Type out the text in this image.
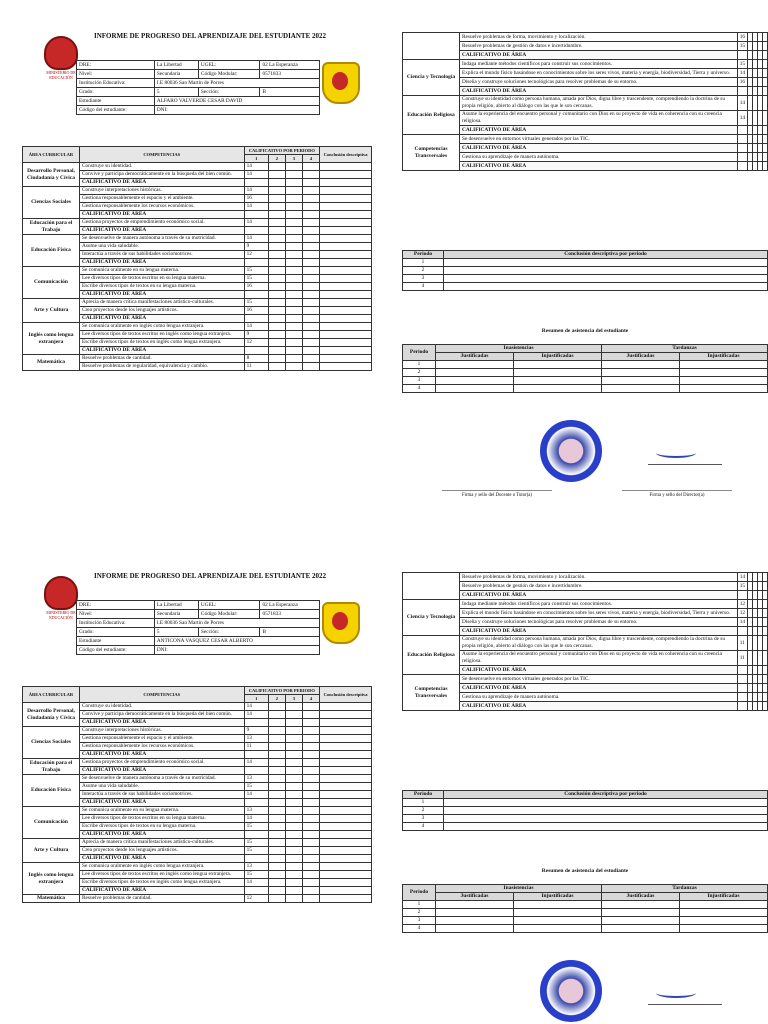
MINISTERIO DE EDUCACIÓN
INFORME DE PROGRESO DEL APRENDIZAJE DEL ESTUDIANTE 2022
DRE:	La Libertad	UGEL:	02 La Esperanza
Nivel:	Secundaria	Código Modular:	0571833
Institución Educativa:	I.E 80036 San Martin de Porres		
Grado:	5	Sección:	B
Estudiante	ALFARO VALVERDE CESAR DAVID		
Código del estudiante:	DNI:		
ÁREA CURRICULAR	COMPETENCIAS	CALIFICATIVO POR PERIODO				Conclusión descriptiva
		1	2	3	4	
Desarrollo Personal, Ciudadanía y Cívica	Construye su identidad.	14				
	Convive y participa democráticamente en la búsqueda del bien común.	14				
	CALIFICATIVO DE ÁREA					
Ciencias Sociales	Construye interpretaciones históricas.	14				
	Gestiona responsablemente el espacio y el ambiente.	16				
	Gestiona responsablemente los recursos económicos.	14				
	CALIFICATIVO DE ÁREA					
Educación para el Trabajo	Gestiona proyectos de emprendimiento económico social.	14				
	CALIFICATIVO DE ÁREA					
Educación Física	Se desenvuelve de manera autónoma a través de su motricidad.	14				
	Asume una vida saludable.	9				
	Interactúa a través de sus habilidades sociomotrices.	12				
	CALIFICATIVO DE ÁREA					
Comunicación	Se comunica oralmente en su lengua materna.	15				
	Lee diversos tipos de textos escritos en su lengua materna.	15				
	Escribe diversos tipos de textos en su lengua materna.	16				
	CALIFICATIVO DE ÁREA					
Arte y Cultura	Aprecia de manera crítica manifestaciones artístico-culturales.	15				
	Crea proyectos desde los lenguajes artísticos.	16				
	CALIFICATIVO DE ÁREA					
Inglés como lengua extranjera	Se comunica oralmente en inglés como lengua extranjera.	14				
	Lee diversos tipos de textos escritos en inglés como lengua extranjera.	9				
	Escribe diversos tipos de textos en inglés como lengua extranjera.	12				
	CALIFICATIVO DE ÁREA					
Matemática	Resuelve problemas de cantidad.	8				
	Resuelve problemas de regularidad, equivalencia y cambio.	11				
	Resuelve problemas de forma, movimiento y localización.	16				
	Resuelve problemas de gestión de datos e incertidumbre.	15				
	CALIFICATIVO DE ÁREA					
Ciencia y Tecnología	Indaga mediante métodos científicos para construir sus conocimientos.	15				
	Explica el mundo físico basándose en conocimientos sobre los seres vivos, materia y energía, biodiversidad, Tierra y universo.	14				
	Diseña y construye soluciones tecnológicas para resolver problemas de su entorno.	16				
	CALIFICATIVO DE ÁREA					
Educación Religiosa	Construye su identidad como persona humana, amada por Dios, digna libre y trascendente, comprendiendo la doctrina de su propia religión, abierto al diálogo con las que le son cercanas.	14				
	Asume la experiencia del encuentro personal y comunitario con Dios en su proyecto de vida en coherencia con su creencia religiosa.	14				
	CALIFICATIVO DE ÁREA					
Competencias Transversales	Se desenvuelve en entornos virtuales generados por las TIC.					
	CALIFICATIVO DE ÁREA					
	Gestiona su aprendizaje de manera autónoma.					
	CALIFICATIVO DE ÁREA					
Periodo	Conclusión descriptiva por periodo
1	
2	
3	
4	
Resumen de asistencia del estudiante
Periodo	Inasistencias		Tardanzas	
	Justificadas	Injustificadas	Justificadas	Injustificadas
1				
2				
3				
4				
Firma y sello del Docente o Tutor(a)	Firma y sello del Director(a)
MINISTERIO DE EDUCACIÓN
INFORME DE PROGRESO DEL APRENDIZAJE DEL ESTUDIANTE 2022
DRE:	La Libertad	UGEL:	02 La Esperanza
Nivel:	Secundaria	Código Modular:	0571833
Institución Educativa:	I.E 80036 San Martin de Porres		
Grado:	5	Sección:	B
Estudiante	ANTICONA VASQUEZ CESAR ALBERTO		
Código del estudiante:	DNI:		
ÁREA CURRICULAR	COMPETENCIAS	CALIFICATIVO POR PERIODO				Conclusión descriptiva
		1	2	3	4	
Desarrollo Personal, Ciudadanía y Cívica	Construye su identidad.	14				
	Convive y participa democráticamente en la búsqueda del bien común.	14				
	CALIFICATIVO DE ÁREA					
Ciencias Sociales	Construye interpretaciones históricas.	9				
	Gestiona responsablemente el espacio y el ambiente.	13				
	Gestiona responsablemente los recursos económicos.	11				
	CALIFICATIVO DE ÁREA					
Educación para el Trabajo	Gestiona proyectos de emprendimiento económico social.	14				
	CALIFICATIVO DE ÁREA					
Educación Física	Se desenvuelve de manera autónoma a través de su motricidad.	13				
	Asume una vida saludable.	15				
	Interactúa a través de sus habilidades sociomotrices.	14				
	CALIFICATIVO DE ÁREA					
Comunicación	Se comunica oralmente en su lengua materna.	13				
	Lee diversos tipos de textos escritos en su lengua materna.	14				
	Escribe diversos tipos de textos en su lengua materna.	15				
	CALIFICATIVO DE ÁREA					
Arte y Cultura	Aprecia de manera crítica manifestaciones artístico-culturales.	15				
	Crea proyectos desde los lenguajes artísticos.	15				
	CALIFICATIVO DE ÁREA					
Inglés como lengua extranjera	Se comunica oralmente en inglés como lengua extranjera.	13				
	Lee diversos tipos de textos escritos en inglés como lengua extranjera.	15				
	Escribe diversos tipos de textos en inglés como lengua extranjera.	14				
	CALIFICATIVO DE ÁREA					
Matemática	Resuelve problemas de cantidad.	12				
	Resuelve problemas de forma, movimiento y localización.	14				
	Resuelve problemas de gestión de datos e incertidumbre.	15				
	CALIFICATIVO DE ÁREA					
Ciencia y Tecnología	Indaga mediante métodos científicos para construir sus conocimientos.	12				
	Explica el mundo físico basándose en conocimientos sobre los seres vivos, materia y energía, biodiversidad, Tierra y universo.	12				
	Diseña y construye soluciones tecnológicas para resolver problemas de su entorno.	14				
	CALIFICATIVO DE ÁREA					
Educación Religiosa	Construye su identidad como persona humana, amada por Dios, digna libre y trascendente, comprendiendo la doctrina de su propia religión, abierto al diálogo con las que le son cercanas.	11				
	Asume la experiencia del encuentro personal y comunitario con Dios en su proyecto de vida en coherencia con su creencia religiosa.	11				
	CALIFICATIVO DE ÁREA					
Competencias Transversales	Se desenvuelve en entornos virtuales generados por las TIC.					
	CALIFICATIVO DE ÁREA					
	Gestiona su aprendizaje de manera autónoma.					
	CALIFICATIVO DE ÁREA					
Periodo	Conclusión descriptiva por periodo
1	
2	
3	
4	
Resumen de asistencia del estudiante
Periodo	Inasistencias		Tardanzas	
	Justificadas	Injustificadas	Justificadas	Injustificadas
1				
2				
3				
4				
